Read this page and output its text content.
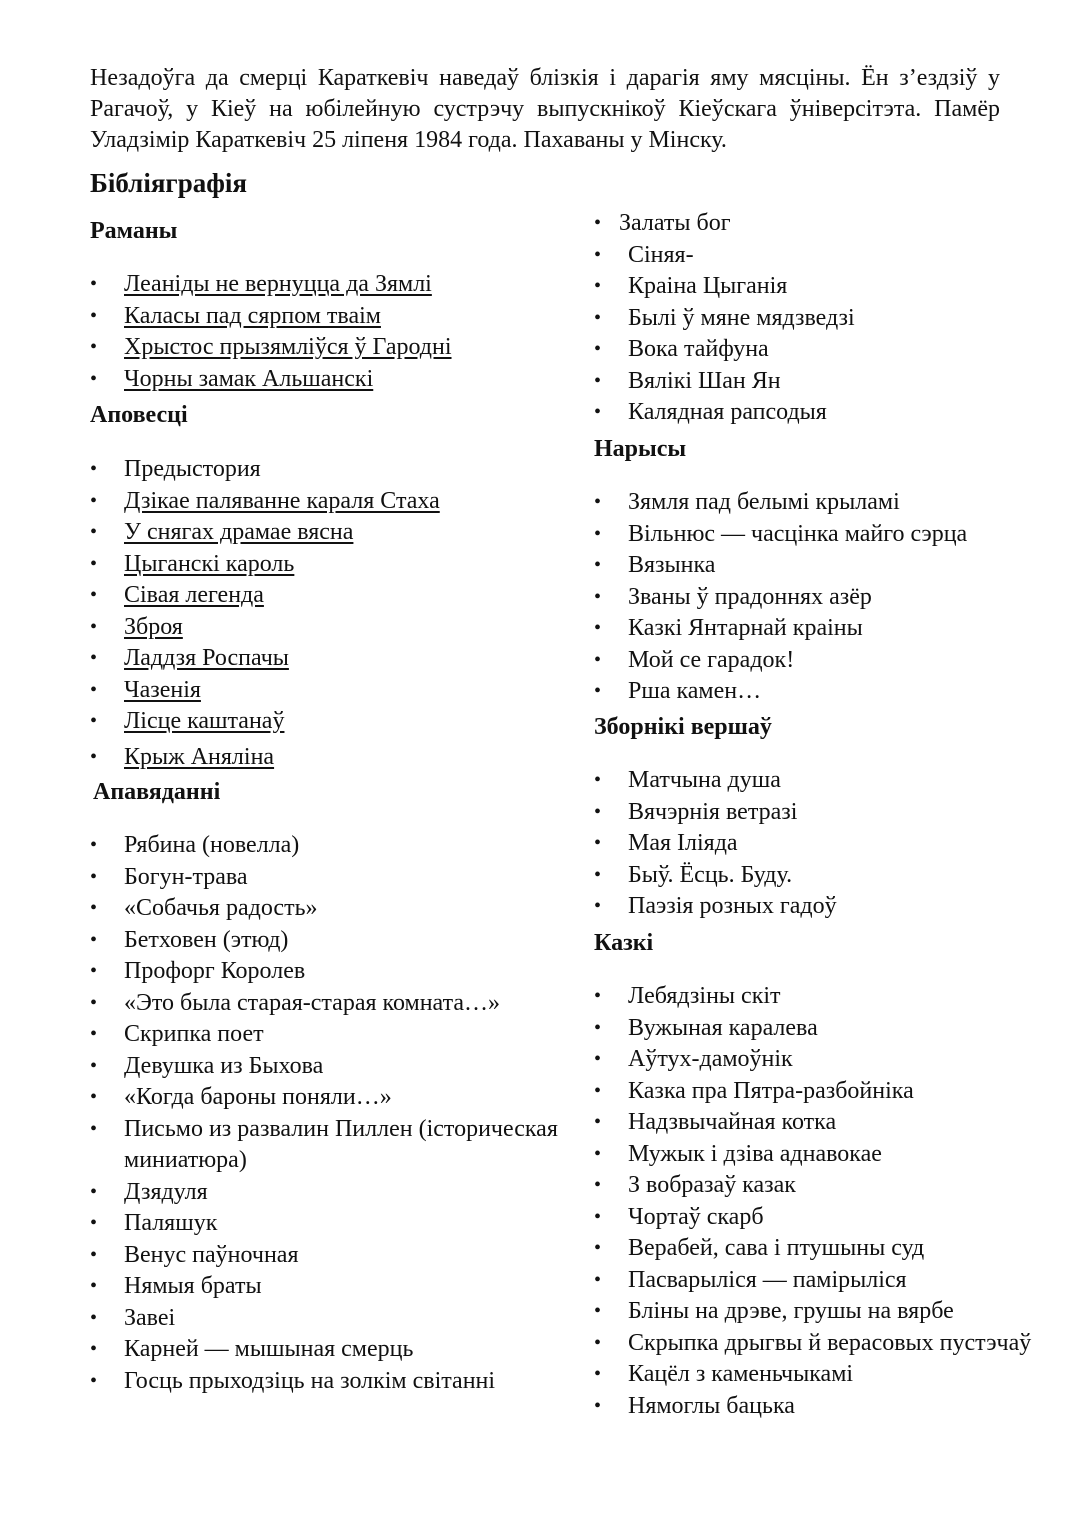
Незадоўга да смерці Караткевіч наведаў блізкія і дарагія яму мясціны. Ён з’ездзіў у Рагачоў, у Кіеў на юбілейную сустрэчу выпускнікоў Кіеўскага ўніверсітэта. Памёр Уладзімір Караткевіч 25 ліпеня 1984 года. Пахаваны у Мінску.

Бібліяграфія
Раманы
• Леаніды не вернуцца да Зямлі
• Каласы пад сярпом тваім
• Хрыстос прызямліўся ў Гародні
• Чорны замак Альшанскі
Аповесці
• Предыстория
• Дзікае паляванне караля Стаха
• У снягах драмае вясна
• Цыганскі кароль
• Сівая легенда
• Зброя
• Ладдзя Роспачы
• Чазенія
• Лісце каштанаў
• Крыж Аняліна
Апавяданні
• Рябина (новелла)
• Богун-трава
• «Собачья радость»
• Бетховен (этюд)
• Профорг Королев
• «Это была старая-старая комната…»
• Скрипка поет
• Девушка из Быхова
• «Когда бароны поняли…»
• Письмо из развалин Пиллен (історическая миниатюра)
• Дзядуля
• Паляшук
• Венус паўночная
• Нямыя браты
• Завеі
• Карней — мышыная смерць
• Госць прыходзіць на золкім світанні
• Залаты бог
• Сіняя-
• Краіна Цыганія
• Былі ў мяне мядзведзі
• Вока тайфуна
• Вялікі Шан Ян
• Калядная рапсодыя
Нарысы
• Зямля пад белымі крыламі
• Вільнюс — часцінка майго сэрца
• Вязынка
• Званы ў прадоннях азёр
• Казкі Янтарнай краіны
• Мой се гарадок!
• Рша камен…
Зборнікі вершаў
• Матчына душа
• Вячэрнія ветразі
• Мая Іліяда
• Быў. Ёсць. Буду.
• Паэзія розных гадоў
Казкі
• Лебядзіны скіт
• Вужыная каралева
• Аўтух-дамоўнік
• Казка пра Пятра-разбойніка
• Надзвычайная котка
• Мужык і дзіва аднавокае
• З вобразаў казак
• Чортаў скарб
• Верабей, сава і птушыны суд
• Пасварыліся — памірыліся
• Бліны на дрэве, грушы на вярбе
• Скрыпка дрыгвы й верасовых пустэчаў
• Кацёл з каменьчыкамі
• Нямоглы бацька
